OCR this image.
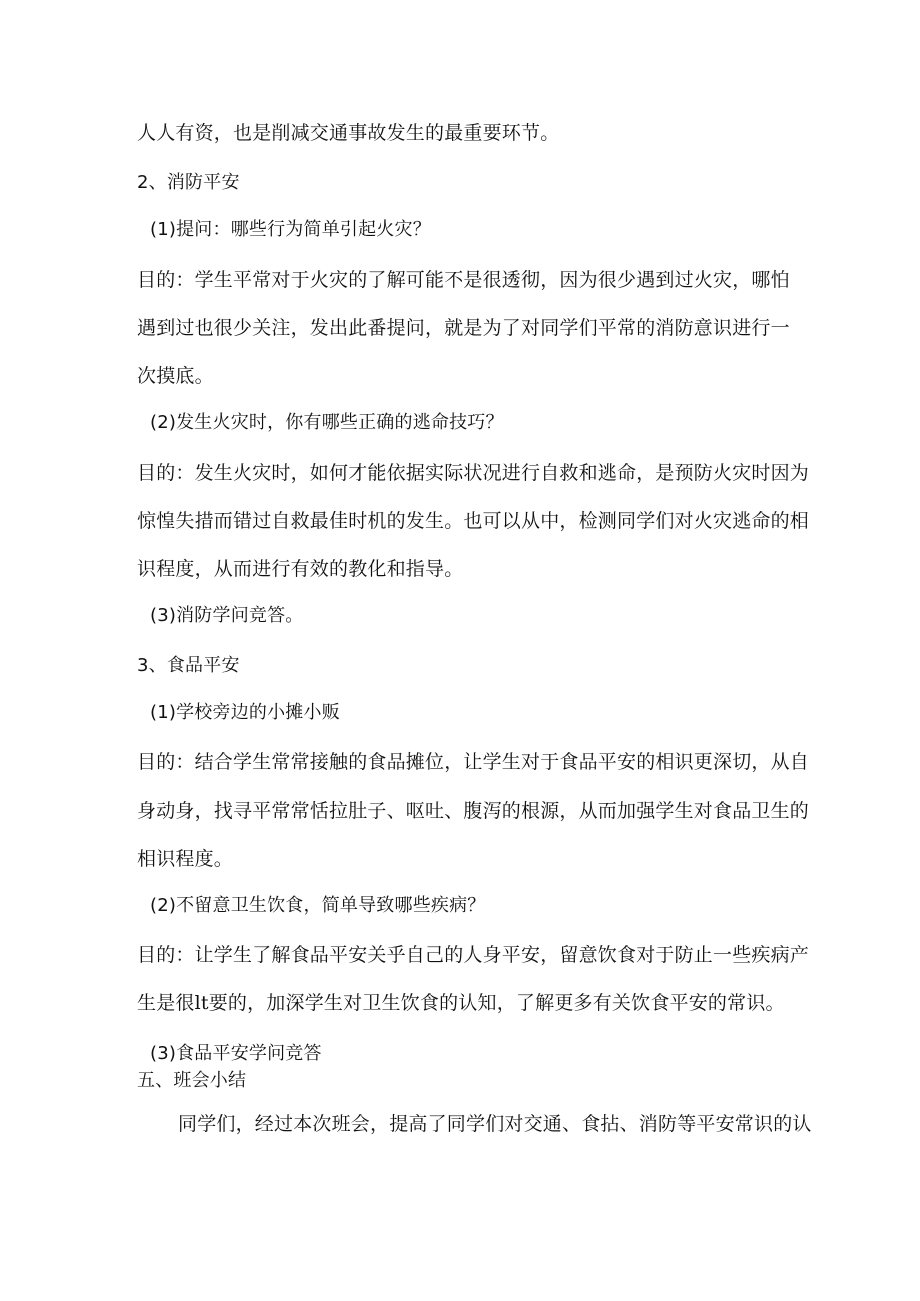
人人有资，也是削减交通事故发生的最重要环节。
2、消防平安
(1)提问：哪些行为简单引起火灾？
目的：学生平常对于火灾的了解可能不是很透彻，因为很少遇到过火灾，哪怕
遇到过也很少关注，发出此番提问，就是为了对同学们平常的消防意识进行一
次摸底。
(2)发生火灾时，你有哪些正确的逃命技巧？
目的：发生火灾时，如何才能依据实际状况进行自救和逃命，是预防火灾时因为
惊惶失措而错过自救最佳时机的发生。也可以从中，检测同学们对火灾逃命的相
识程度，从而进行有效的教化和指导。
(3)消防学问竞答。
3、食品平安
(1)学校旁边的小摊小贩
目的：结合学生常常接触的食品摊位，让学生对于食品平安的相识更深切，从自
身动身，找寻平常常恬拉肚子、呕吐、腹泻的根源，从而加强学生对食品卫生的
相识程度。
(2)不留意卫生饮食，简单导致哪些疾病？
目的：让学生了解食品平安关乎自己的人身平安，留意饮食对于防止一些疾病产
生是很lt要的，加深学生对卫生饮食的认知，了解更多有关饮食平安的常识。
(3)食品平安学问竞答
五、班会小结
同学们，经过本次班会，提高了同学们对交通、食拈、消防等平安常识的认
